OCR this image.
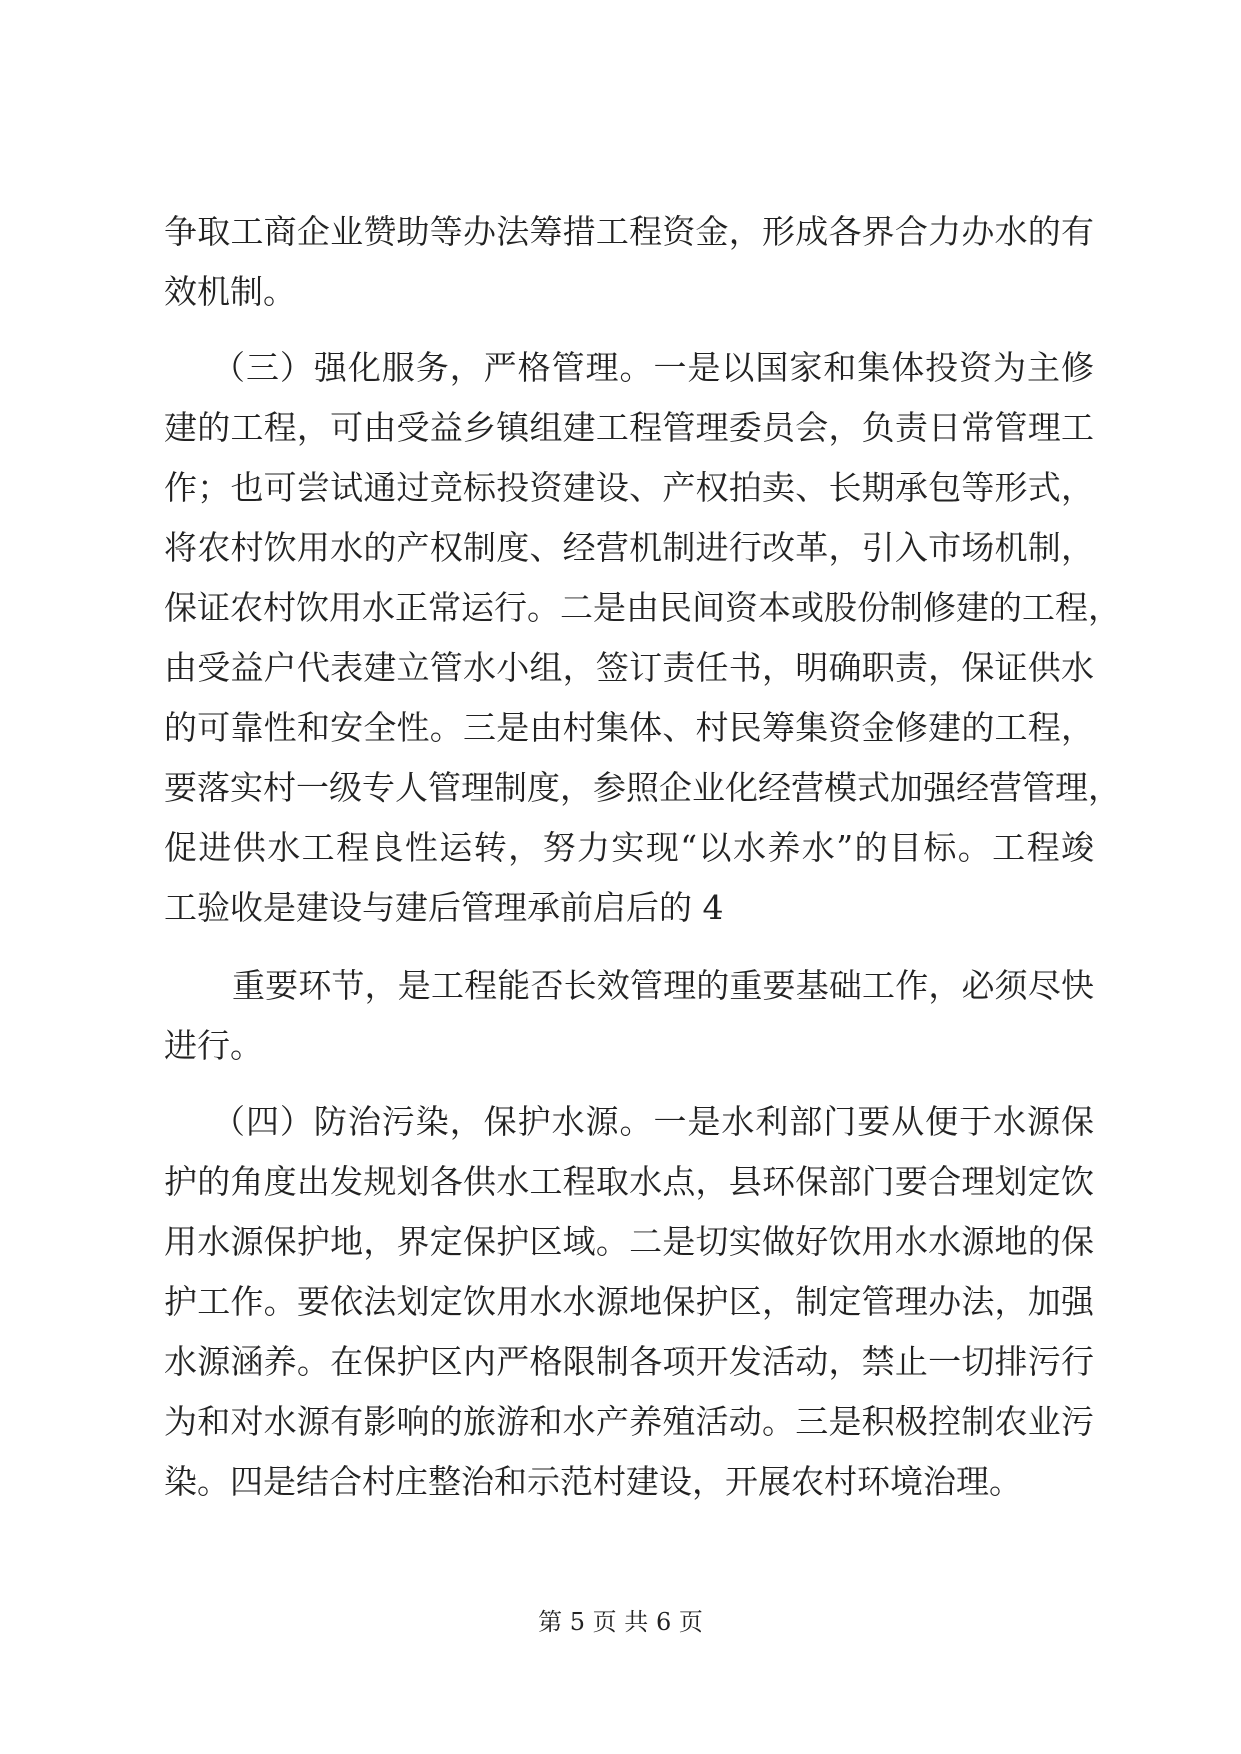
争取工商企业赞助等办法筹措工程资金，形成各界合力办水的有
效机制。
（三）强化服务，严格管理。一是以国家和集体投资为主修
建的工程，可由受益乡镇组建工程管理委员会，负责日常管理工
作；也可尝试通过竞标投资建设、产权拍卖、长期承包等形式，
将农村饮用水的产权制度、经营机制进行改革，引入市场机制，
保证农村饮用水正常运行。二是由民间资本或股份制修建的工程，
由受益户代表建立管水小组，签订责任书，明确职责，保证供水
的可靠性和安全性。三是由村集体、村民筹集资金修建的工程，
要落实村一级专人管理制度，参照企业化经营模式加强经营管理，
促进供水工程良性运转，努力实现“以水养水”的目标。工程竣
工验收是建设与建后管理承前启后的 4
重要环节，是工程能否长效管理的重要基础工作，必须尽快
进行。
（四）防治污染，保护水源。一是水利部门要从便于水源保
护的角度出发规划各供水工程取水点，县环保部门要合理划定饮
用水源保护地，界定保护区域。二是切实做好饮用水水源地的保
护工作。要依法划定饮用水水源地保护区，制定管理办法，加强
水源涵养。在保护区内严格限制各项开发活动，禁止一切排污行
为和对水源有影响的旅游和水产养殖活动。三是积极控制农业污
染。四是结合村庄整治和示范村建设，开展农村环境治理。
第 5 页 共 6 页
